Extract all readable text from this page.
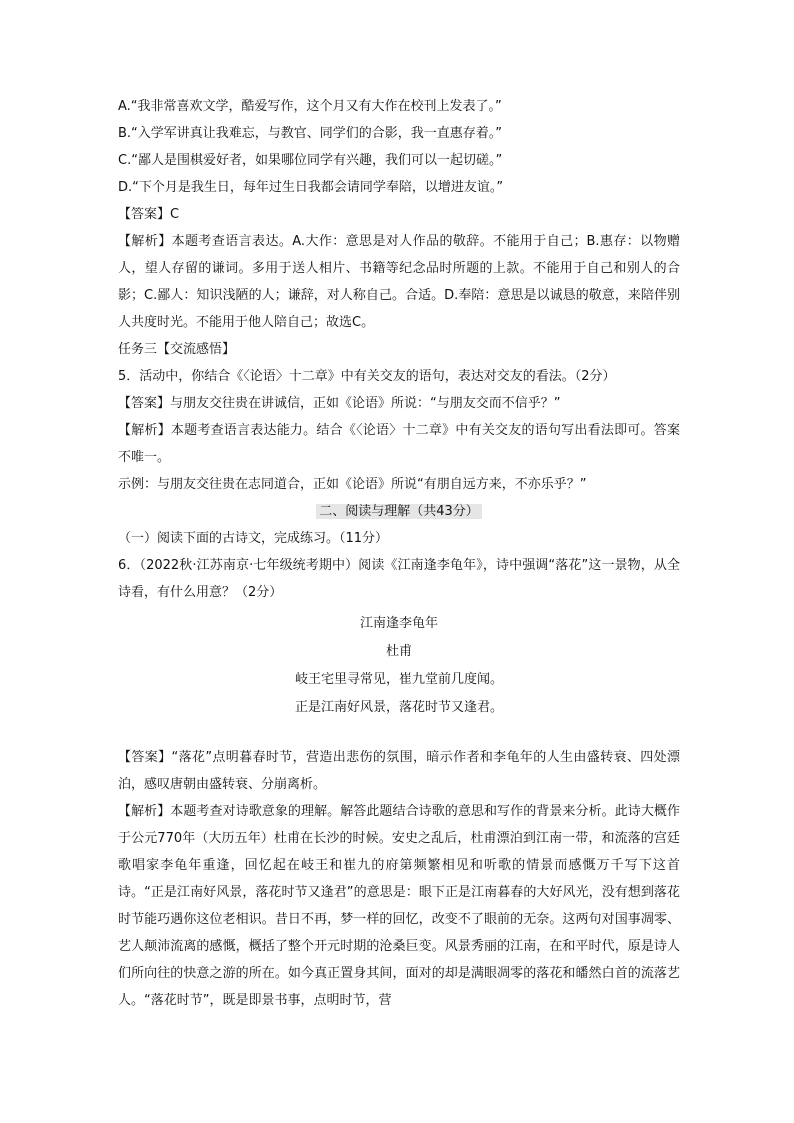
A.“我非常喜欢文学，酷爱写作，这个月又有大作在校刊上发表了。”
B.“入学军讲真让我难忘，与教官、同学们的合影，我一直惠存着。”
C.“鄙人是围棋爱好者，如果哪位同学有兴趣，我们可以一起切磋。”
D.“下个月是我生日，每年过生日我都会请同学奉陪，以增进友谊。”
【答案】C
【解析】本题考查语言表达。A.大作：意思是对人作品的敬辞。不能用于自己；B.惠存：以物赠人，望人存留的谦词。多用于送人相片、书籍等纪念品时所题的上款。不能用于自己和别人的合影；C.鄙人：知识浅陋的人；谦辞，对人称自己。合适。D.奉陪：意思是以诚恳的敬意，来陪伴别人共度时光。不能用于他人陪自己；故选C。
任务三【交流感悟】
5．活动中，你结合《〈论语〉十二章》中有关交友的语句，表达对交友的看法。（2分）
【答案】与朋友交往贵在讲诚信，正如《论语》所说：“与朋友交而不信乎？”
【解析】本题考查语言表达能力。结合《〈论语〉十二章》中有关交友的语句写出看法即可。答案不唯一。
示例：与朋友交往贵在志同道合，正如《论语》所说“有朋自远方来，不亦乐乎？”
二、阅读与理解（共43分）
（一）阅读下面的古诗文，完成练习。（11分）
6．（2022秋·江苏南京·七年级统考期中）阅读《江南逢李龟年》，诗中强调“落花”这一景物，从全诗看，有什么用意？（2分）
江南逢李龟年
杜甫
岐王宅里寻常见，崔九堂前几度闻。
正是江南好风景，落花时节又逢君。
【答案】“落花”点明暮春时节，营造出悲伤的氛围，暗示作者和李龟年的人生由盛转衰、四处漂泊，感叹唐朝由盛转衰、分崩离析。
【解析】本题考查对诗歌意象的理解。解答此题结合诗歌的意思和写作的背景来分析。此诗大概作于公元770年（大历五年）杜甫在长沙的时候。安史之乱后，杜甫漂泊到江南一带，和流落的宫廷歌唱家李龟年重逢，回忆起在岐王和崔九的府第频繁相见和听歌的情景而感慨万千写下这首诗。“正是江南好风景，落花时节又逢君”的意思是：眼下正是江南暮春的大好风光，没有想到落花时节能巧遇你这位老相识。昔日不再，梦一样的回忆，改变不了眼前的无奈。这两句对国事凋零、艺人颠沛流离的感慨，概括了整个开元时期的沧桑巨变。风景秀丽的江南，在和平时代，原是诗人们所向往的快意之游的所在。如今真正置身其间，面对的却是满眼凋零的落花和皤然白首的流落艺人。“落花时节”，既是即景书事，点明时节，营
